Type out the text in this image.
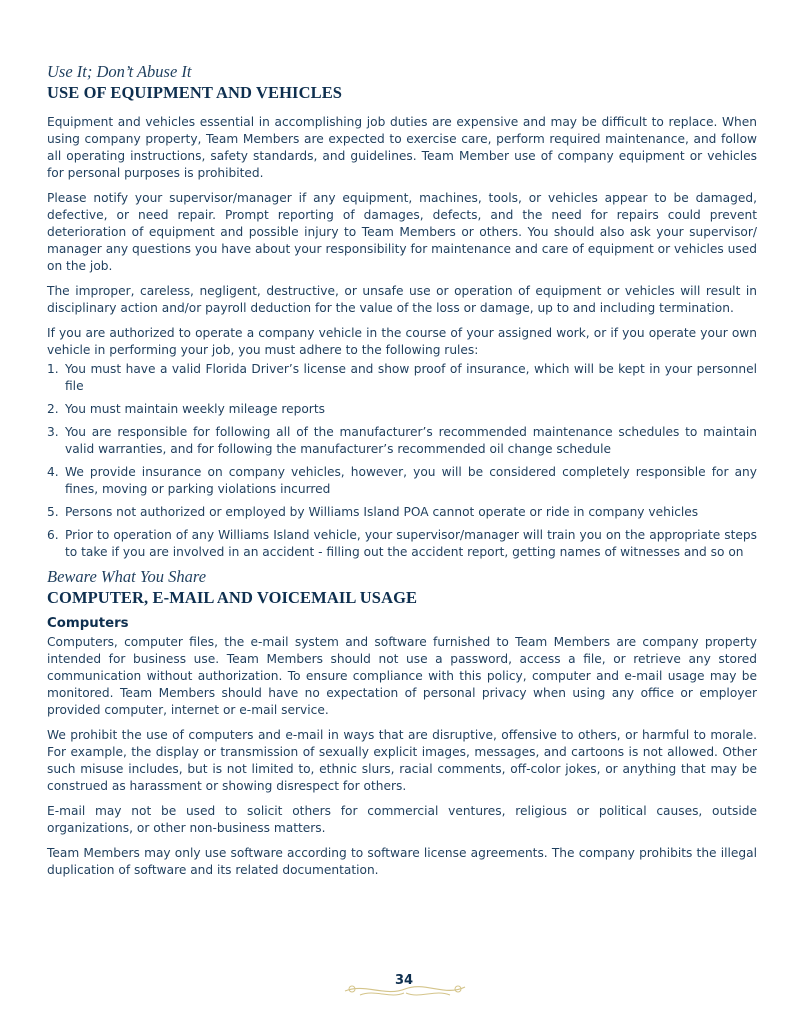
Use It; Don’t Abuse It

USE OF EQUIPMENT AND VEHICLES

Equipment and vehicles essential in accomplishing job duties are expensive and may be difficult to replace. When using company property, Team Members are expected to exercise care, perform required maintenance, and follow all operating instructions, safety standards, and guidelines. Team Member use of company equipment or vehicles for personal purposes is prohibited.

Please notify your supervisor/manager if any equipment, machines, tools, or vehicles appear to be damaged, defective, or need repair. Prompt reporting of damages, defects, and the need for repairs could prevent deterioration of equipment and possible injury to Team Members or others. You should also ask your supervisor/ manager any questions you have about your responsibility for maintenance and care of equipment or vehicles used on the job.

The improper, careless, negligent, destructive, or unsafe use or operation of equipment or vehicles will result in disciplinary action and/or payroll deduction for the value of the loss or damage, up to and including termination.

If you are authorized to operate a company vehicle in the course of your assigned work, or if you operate your own vehicle in performing your job, you must adhere to the following rules:

1. You must have a valid Florida Driver’s license and show proof of insurance, which will be kept in your personnel file
2. You must maintain weekly mileage reports
3. You are responsible for following all of the manufacturer’s recommended maintenance schedules to maintain valid warranties, and for following the manufacturer’s recommended oil change schedule
4. We provide insurance on company vehicles, however, you will be considered completely responsible for any fines, moving or parking violations incurred
5. Persons not authorized or employed by Williams Island POA cannot operate or ride in company vehicles
6. Prior to operation of any Williams Island vehicle, your supervisor/manager will train you on the appropriate steps to take if you are involved in an accident - filling out the accident report, getting names of witnesses and so on

Beware What You Share

COMPUTER, E-MAIL AND VOICEMAIL USAGE
Computers

Computers, computer files, the e-mail system and software furnished to Team Members are company property intended for business use. Team Members should not use a password, access a file, or retrieve any stored communication without authorization. To ensure compliance with this policy, computer and e-mail usage may be monitored. Team Members should have no expectation of personal privacy when using any office or employer provided computer, internet or e-mail service.

We prohibit the use of computers and e-mail in ways that are disruptive, offensive to others, or harmful to morale. For example, the display or transmission of sexually explicit images, messages, and cartoons is not allowed. Other such misuse includes, but is not limited to, ethnic slurs, racial comments, off-color jokes, or anything that may be construed as harassment or showing disrespect for others.

E-mail may not be used to solicit others for commercial ventures, religious or political causes, outside organizations, or other non-business matters.

Team Members may only use software according to software license agreements. The company prohibits the illegal duplication of software and its related documentation.

34
